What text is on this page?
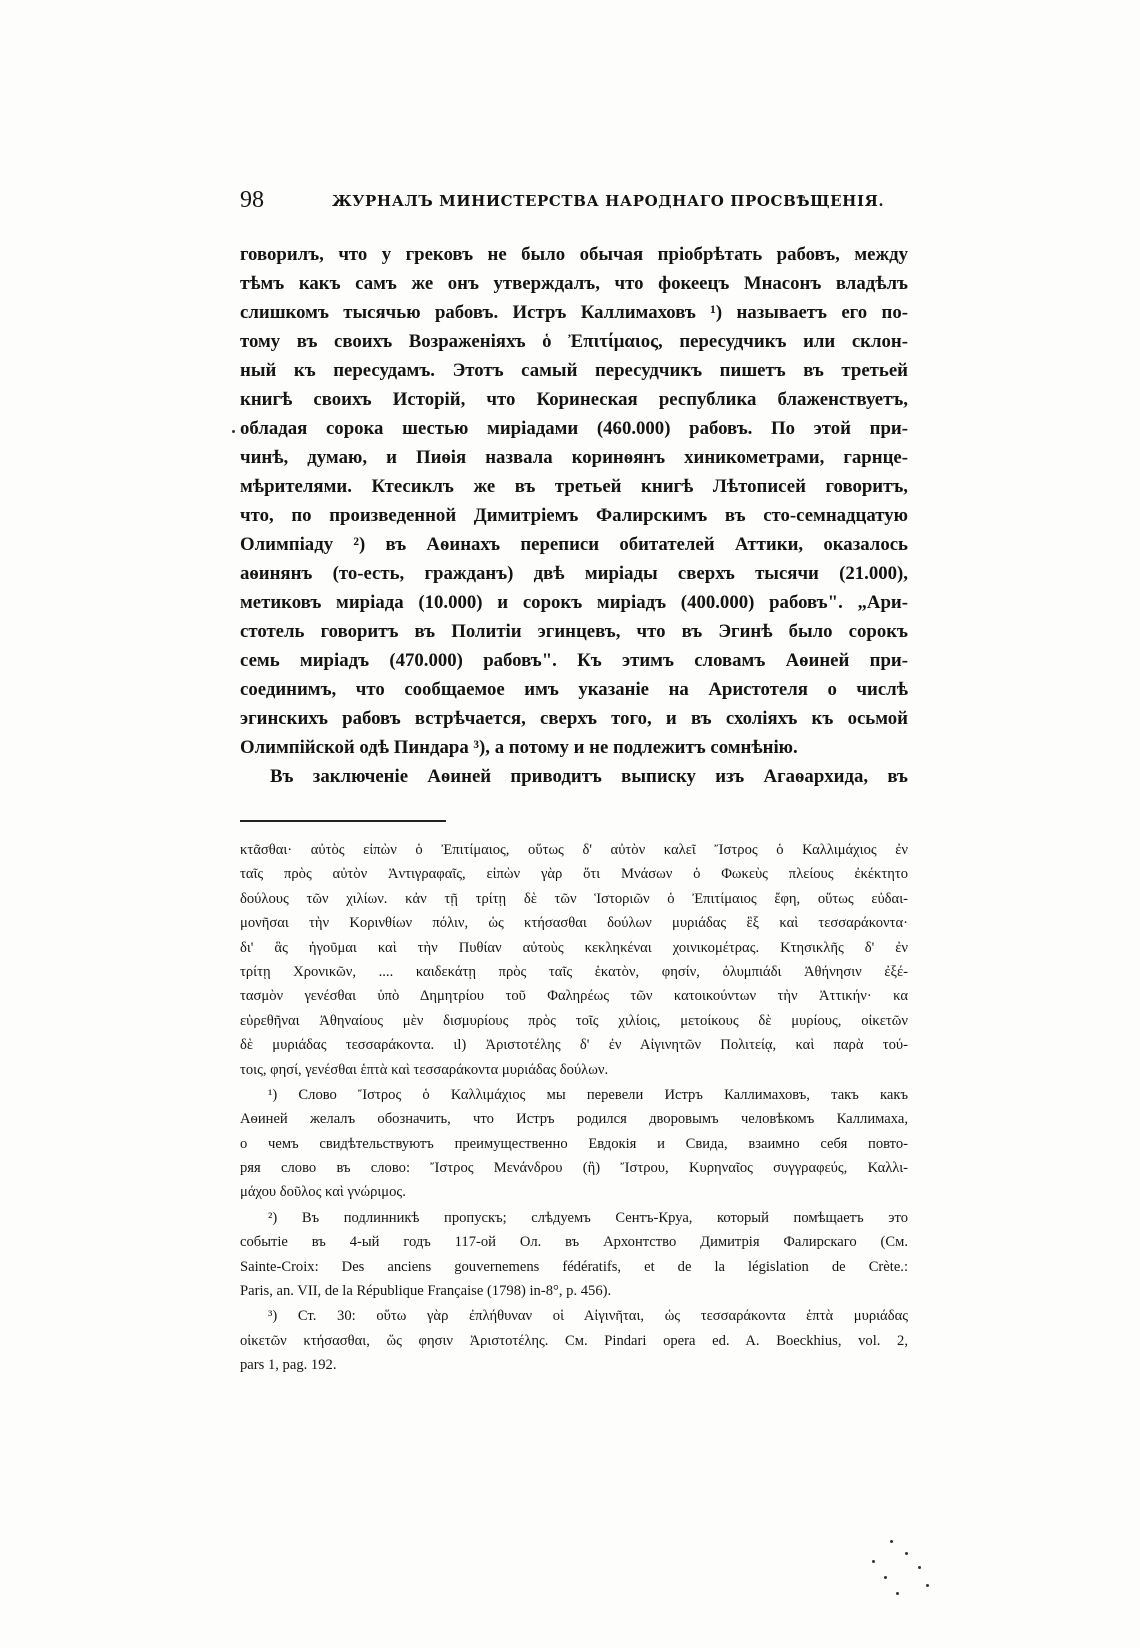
98	ЖУРНАЛЪ МИНИСТЕРСТВА НАРОДНАГО ПРОСВѢЩЕНІЯ.
говорилъ, что у грековъ не было обычая пріобрѣтать рабовъ, между
тѣмъ какъ самъ же онъ утверждалъ, что фокеецъ Мнасонъ владѣлъ
слишкомъ тысячью рабовъ. Истръ Каллимаховъ ¹) называетъ его по-
тому въ своихъ Возраженіяхъ ὁ Ἐπιτίμαιος, пересудчикъ или склон-
ный къ пересудамъ. Этотъ самый пересудчикъ пишетъ въ третьей
книгѣ своихъ Исторій, что Коринеская республика блаженствуетъ,
обладая сорока шестью миріадами (460.000) рабовъ. По этой при-
чинѣ, думаю, и Пиѳія назвала коринѳянъ хиникометрами, гарнце-
мѣрителями. Ктесиклъ же въ третьей книгѣ Лѣтописей говоритъ,
что, по произведенной Димитріемъ Фалирскимъ въ сто-семнадцатую
Олимпіаду ²) въ Аѳинахъ переписи обитателей Аттики, оказалось
аѳинянъ (то-есть, гражданъ) двѣ миріады сверхъ тысячи (21.000),
метиковъ миріада (10.000) и сорокъ миріадъ (400.000) рабовъ". „Ари-
стотель говоритъ въ Политіи эгинцевъ, что въ Эгинѣ было сорокъ
семь миріадъ (470.000) рабовъ". Къ этимъ словамъ Аѳиней при-
соединимъ, что сообщаемое имъ указаніе на Аристотеля о числѣ
эгинскихъ рабовъ встрѣчается, сверхъ того, и въ схоліяхъ къ осьмой
Олимпійской одѣ Пиндара ³), а потому и не подлежитъ сомнѣнію.
Въ заключеніе Аѳиней приводитъ выписку изъ Агаѳархида, въ
κτᾶσθαι· αὐτὸς εἰπὼν ὁ Ἐπιτίμαιος, οὕτως δ' αὐτὸν καλεῖ Ἴστρος ὁ Καλλιμάχιος ἐν
ταῖς πρὸς αὐτὸν Ἀντιγραφαῖς, εἰπὼν γὰρ ὅτι Μνάσων ὁ Φωκεὺς πλείους ἐκέκτητο
δούλους τῶν χιλίων. κἀν τῇ τρίτῃ δὲ τῶν Ἱστοριῶν ὁ Ἐπιτίμαιος ἔφη, οὕτως εὐδαι-
μονῆσαι τὴν Κορινθίων πόλιν, ὡς κτήσασθαι δούλων μυριάδας ἓξ καὶ τεσσαράκοντα·
δι' ἃς ἡγοῦμαι καὶ τὴν Πυθίαν αὐτοὺς κεκληκέναι χοινικομέτρας. Κτησικλῆς δ' ἐν
τρίτῃ Χρονικῶν, .... καιδεκάτῃ πρὸς ταῖς ἑκατὸν, φησίν, ὀλυμπιάδι Ἀθήνησιν ἐξέ-
τασμὸν γενέσθαι ὑπὸ Δημητρίου τοῦ Φαληρέως τῶν κατοικούντων τὴν Ἀττικήν· κα
εὑρεθῆναι Ἀθηναίους μὲν δισμυρίους πρὸς τοῖς χιλίοις, μετοίκους δὲ μυρίους, οἰκετῶν
δὲ μυριάδας τεσσαράκοντα. ιl) Ἀριστοτέλης δ' ἐν Αἰγινητῶν Πολιτείᾳ, καὶ παρὰ τού-
τοις, φησί, γενέσθαι ἑπτὰ καὶ τεσσαράκοντα μυριάδας δούλων.
¹) Слово Ἴστρος ὁ Καλλιμάχιος мы перевели Истръ Каллимаховъ, такъ какъ
Аѳиней желалъ обозначить, что Истръ родился дворовымъ человѣкомъ Каллимаха,
о чемъ свидѣтельствуютъ преимущественно Евдокія и Свида, взаимно себя повто-
ряя слово въ слово: Ἴστρος Μενάνδρου (ἢ) Ἴστρου, Κυρηναῖος συγγραφεύς, Καλλι-
μάχου δοῦλος καὶ γνώριμος.
²) Въ подлинникѣ пропускъ; слѣдуемъ Сентъ-Круа, который помѣщаетъ это
событіе въ 4-ый годъ 117-ой Ол. въ Архонтство Димитрія Фалирскаго (См.
Sainte-Croix: Des anciens gouvernemens fédératifs, et de la législation de Crète.:
Paris, an. VII, de la République Française (1798) in-8°, p. 456).
³) Ст. 30: οὕτω γὰρ ἐπλήθυναν οἱ Αἰγινῆται, ὡς τεσσαράκοντα ἑπτὰ μυριάδας
οἰκετῶν κτήσασθαι, ὥς φησιν Ἀριστοτέλης. См. Pindari opera ed. A. Boeckhius, vol. 2,
pars 1, pag. 192.
